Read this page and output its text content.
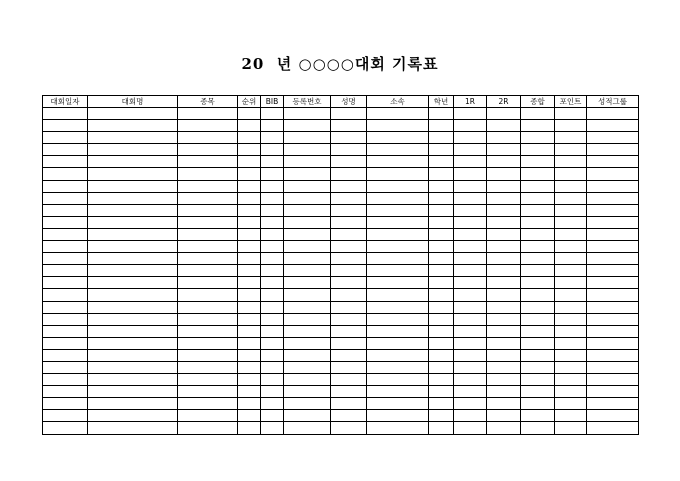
20  년 ○○○○대회 기록표
대회일자	대회명	종목	순위	BIB	등록번호	성명	소속	학년	1R	2R	종합	포인트	성적그룹
